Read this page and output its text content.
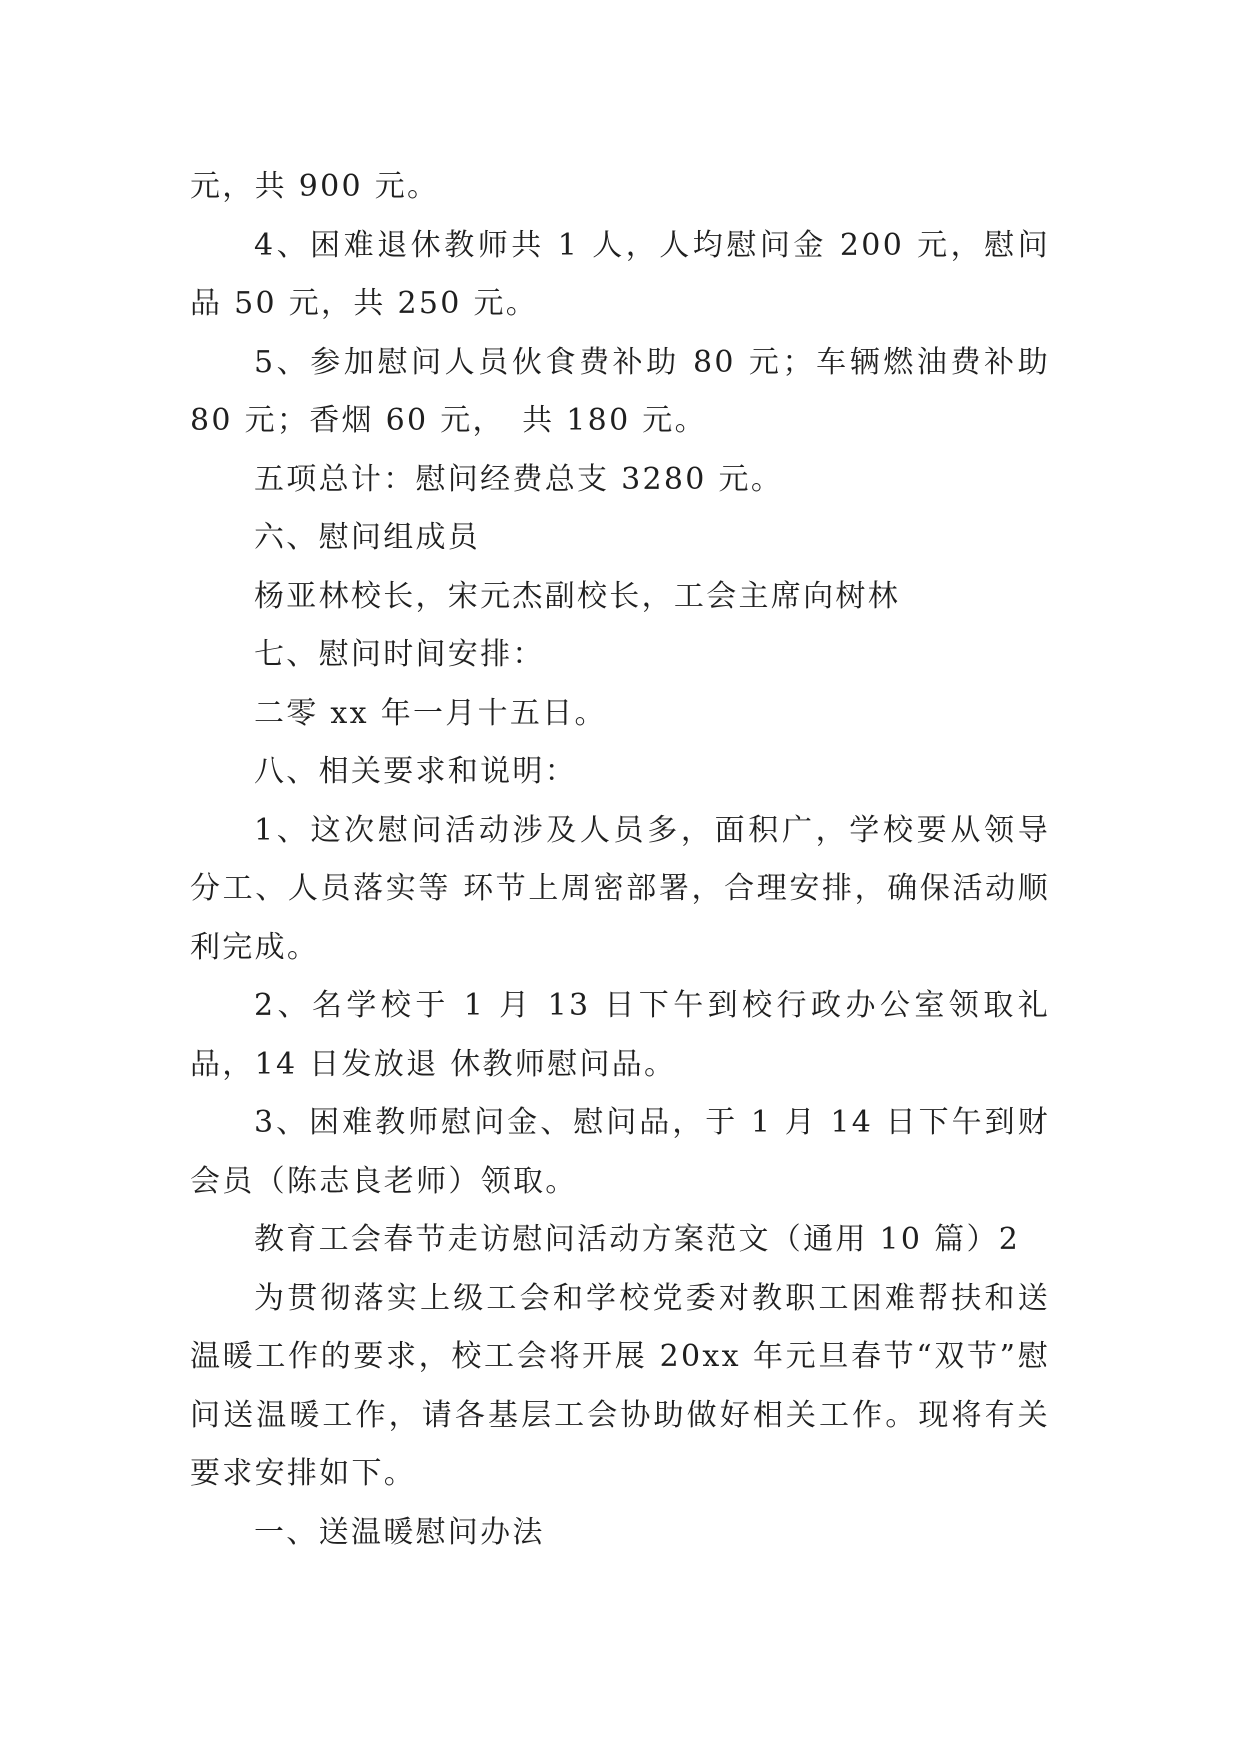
元，共 900 元。

4、困难退休教师共 1 人，人均慰问金 200 元，慰问品 50 元，共 250 元。

5、参加慰问人员伙食费补助 80 元；车辆燃油费补助 80 元；香烟 60 元，　共 180 元。

五项总计：慰问经费总支 3280 元。

六、慰问组成员

杨亚林校长，宋元杰副校长，工会主席向树林

七、慰问时间安排：

二零 xx 年一月十五日。

八、相关要求和说明：

1、这次慰问活动涉及人员多，面积广，学校要从领导分工、人员落实等 环节上周密部署，合理安排，确保活动顺利完成。

2、名学校于 1 月 13 日下午到校行政办公室领取礼品，14 日发放退 休教师慰问品。

3、困难教师慰问金、慰问品，于 1 月 14 日下午到财会员（陈志良老师）领取。

教育工会春节走访慰问活动方案范文（通用 10 篇）2

为贯彻落实上级工会和学校党委对教职工困难帮扶和送温暖工作的要求，校工会将开展 20xx 年元旦春节“双节”慰问送温暖工作，请各基层工会协助做好相关工作。现将有关要求安排如下。

一、送温暖慰问办法
